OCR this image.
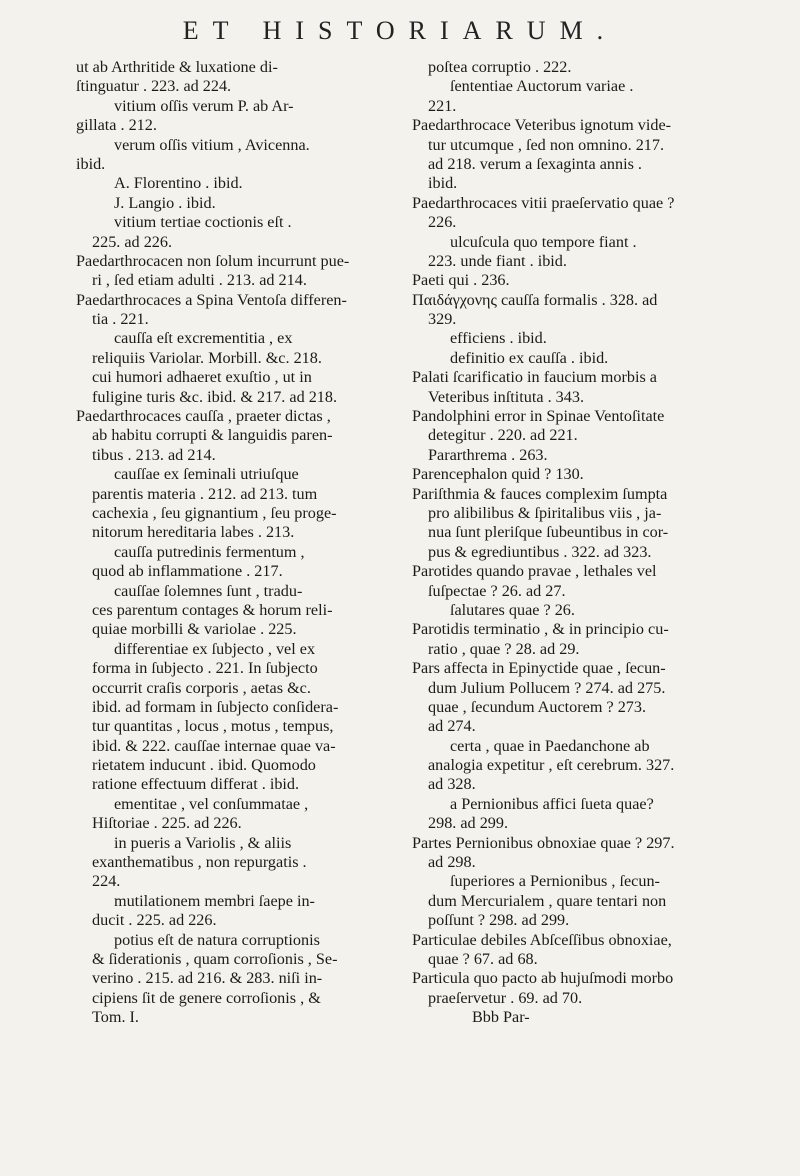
ET HISTORIARUM.
ut ab Arthritide & luxatione di-
ſtinguatur . 223. ad 224.
vitium oſſis verum P. ab Ar-
gillata . 212.
verum oſſis vitium , Avicenna.
ibid.
A. Florentino . ibid.
J. Langio . ibid.
vitium tertiae coctionis eſt .
225. ad 226.
Paedarthrocacen non ſolum incurrunt pue-
ri , ſed etiam adulti . 213. ad 214.
Paedarthrocaces a Spina Ventoſa differen-
tia . 221.
cauſſa eſt excrementitia , ex
reliquiis Variolar. Morbill. &c. 218.
cui humori adhaeret exuſtio , ut in
fuligine turis &c. ibid. & 217. ad 218.
Paedarthrocaces cauſſa , praeter dictas ,
ab habitu corrupti & languidis paren-
tibus . 213. ad 214.
cauſſae ex ſeminali utriuſque
parentis materia . 212. ad 213. tum
cachexia , ſeu gignantium , ſeu proge-
nitorum hereditaria labes . 213.
cauſſa putredinis fermentum ,
quod ab inflammatione . 217.
cauſſae ſolemnes ſunt , tradu-
ces parentum contages & horum reli-
quiae morbilli & variolae . 225.
differentiae ex ſubjecto , vel ex
forma in ſubjecto . 221. In ſubjecto
occurrit craſis corporis , aetas &c.
ibid. ad formam in ſubjecto conſidera-
tur quantitas , locus , motus , tempus,
ibid. & 222. cauſſae internae quae va-
rietatem inducunt . ibid. Quomodo
ratione effectuum differat . ibid.
ementitae , vel conſummatae ,
Hiſtoriae . 225. ad 226.
in pueris a Variolis , & aliis
exanthematibus , non repurgatis .
224.
mutilationem membri ſaepe in-
ducit . 225. ad 226.
potius eſt de natura corruptionis
& ſiderationis , quam corroſionis , Se-
verino . 215. ad 216. & 283. niſi in-
cipiens ſit de genere corroſionis , &
Tom. I.
poſtea corruptio . 222.
ſententiae Auctorum variae .
221.
Paedarthrocace Veteribus ignotum vide-
tur utcumque , ſed non omnino. 217.
ad 218. verum a ſexaginta annis .
ibid.
Paedarthrocaces vitii praeſervatio quae ?
226.
ulcuſcula quo tempore fiant .
223. unde fiant . ibid.
Paeti qui . 236.
Παιδάγχονης cauſſa formalis . 328. ad
329.
efficiens . ibid.
definitio ex cauſſa . ibid.
Palati ſcarificatio in faucium morbis a
Veteribus inſtituta . 343.
Pandolphini error in Spinae Ventoſitate
detegitur . 220. ad 221.
Pararthrema . 263.
Parencephalon quid ? 130.
Pariſthmia & fauces complexim ſumpta
pro alibilibus & ſpiritalibus viis , ja-
nua ſunt pleriſque ſubeuntibus in cor-
pus & egrediuntibus . 322. ad 323.
Parotides quando pravae , lethales vel
ſuſpectae ? 26. ad 27.
ſalutares quae ? 26.
Parotidis terminatio , & in principio cu-
ratio , quae ? 28. ad 29.
Pars affecta in Epinyctide quae , ſecun-
dum Julium Pollucem ? 274. ad 275.
quae , ſecundum Auctorem ? 273.
ad 274.
certa , quae in Paedanchone ab
analogia expetitur , eſt cerebrum. 327.
ad 328.
a Pernionibus affici ſueta quae?
298. ad 299.
Partes Pernionibus obnoxiae quae ? 297.
ad 298.
ſuperiores a Pernionibus , ſecun-
dum Mercurialem , quare tentari non
poſſunt ? 298. ad 299.
Particulae debiles Abſceſſibus obnoxiae,
quae ? 67. ad 68.
Particula quo pacto ab hujuſmodi morbo
praeſervetur . 69. ad 70.
Bbb Par-
